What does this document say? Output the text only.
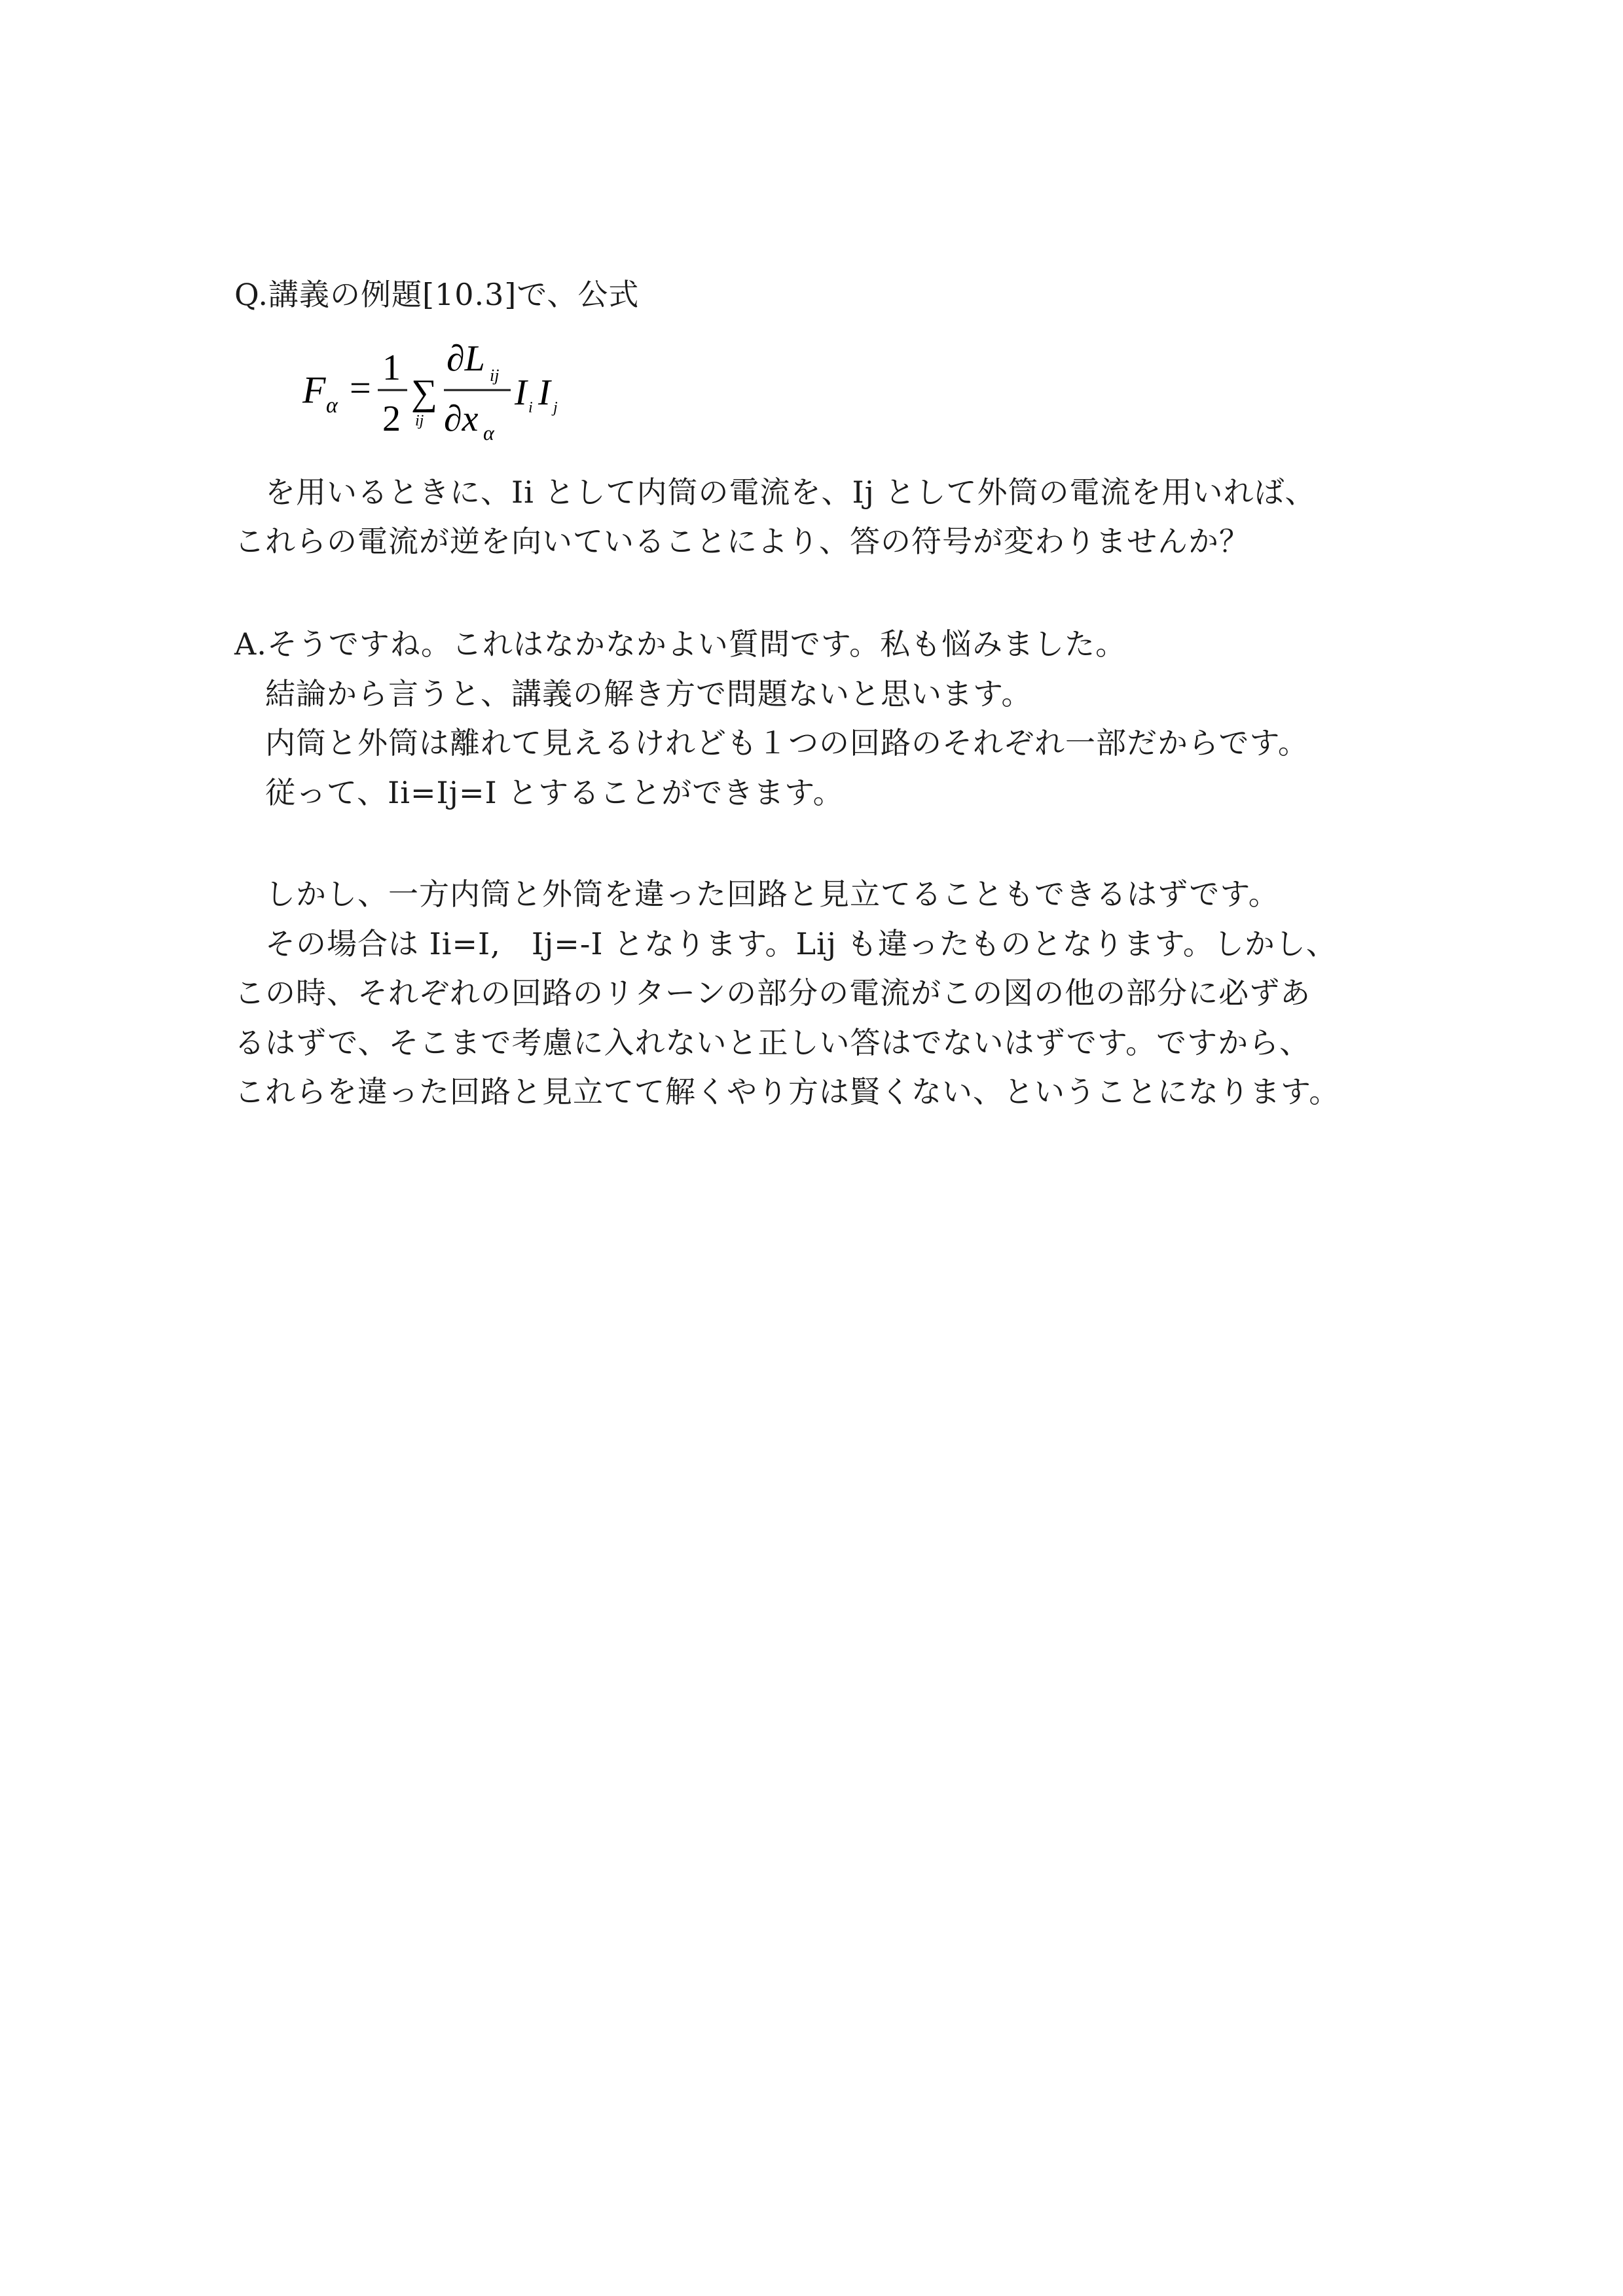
Q.講義の例題[10.3]で、公式
F α = 1
2
∑
ij
∂L ij
∂x α
I i I j
　を用いるときに、Ii として内筒の電流を、Ij として外筒の電流を用いれば、
これらの電流が逆を向いていることにより、答の符号が変わりませんか？
A.そうですね。これはなかなかよい質問です。私も悩みました。
　結論から言うと、講義の解き方で問題ないと思います。
　内筒と外筒は離れて見えるけれども１つの回路のそれぞれ一部だからです。
　従って、Ii=Ij=I とすることができます。
　しかし、一方内筒と外筒を違った回路と見立てることもできるはずです。
　その場合は Ii=I,　Ij=-I となります。Lij も違ったものとなります。しかし、
この時、それぞれの回路のリターンの部分の電流がこの図の他の部分に必ずあ
るはずで、そこまで考慮に入れないと正しい答はでないはずです。ですから、
これらを違った回路と見立てて解くやり方は賢くない、ということになります。
